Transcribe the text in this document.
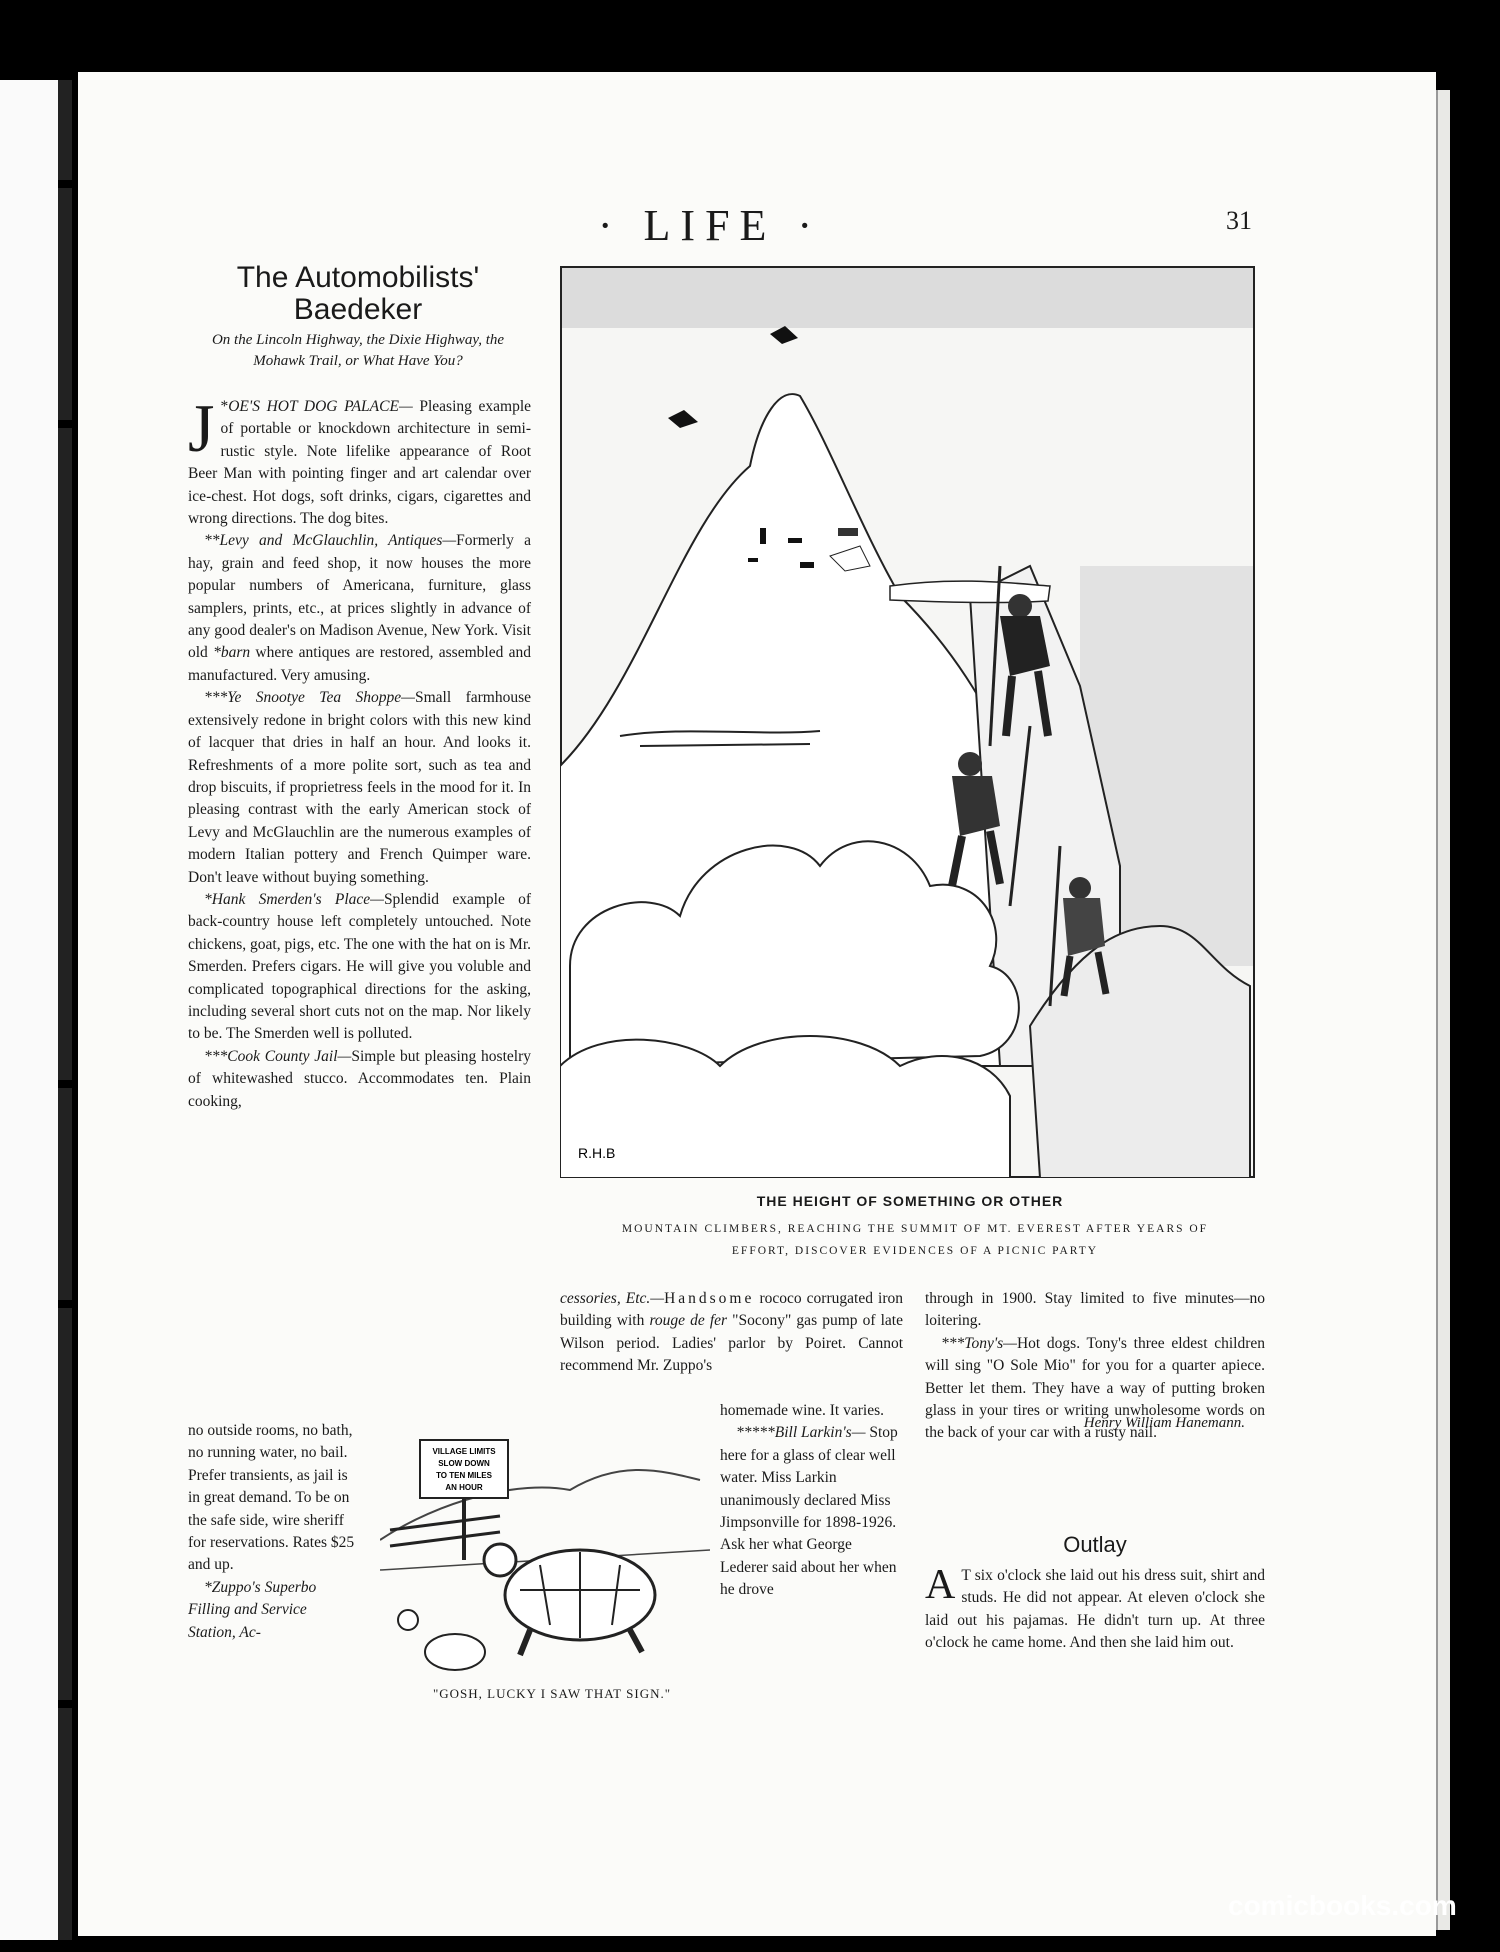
· LIFE ·	31
The Automobilists'
Baedeker
On the Lincoln Highway, the Dixie Highway, the Mohawk Trail, or What Have You?

*
J OE'S HOT DOG PALACE— Pleasing example of portable or knockdown architecture in semi-rustic style. Note lifelike appearance of Root Beer Man with pointing finger and art calendar over ice-chest. Hot dogs, soft drinks, cigars, cigarettes and wrong directions. The dog bites.

**Levy and McGlauchlin, Antiques—Formerly a hay, grain and feed shop, it now houses the more popular numbers of Americana, furniture, glass samplers, prints, etc., at prices slightly in advance of any good dealer's on Madison Avenue, New York. Visit old *barn where antiques are restored, assembled and manufactured. Very amusing.

***Ye Snootye Tea Shoppe—Small farmhouse extensively redone in bright colors with this new kind of lacquer that dries in half an hour. And looks it. Refreshments of a more polite sort, such as tea and drop biscuits, if proprietress feels in the mood for it. In pleasing contrast with the early American stock of Levy and McGlauchlin are the numerous examples of modern Italian pottery and French Quimper ware. Don't leave without buying something.

*Hank Smerden's Place—Splendid example of back-country house left completely untouched. Note chickens, goat, pigs, etc. The one with the hat on is Mr. Smerden. Prefers cigars. He will give you voluble and complicated topographical directions for the asking, including several short cuts not on the map. Nor likely to be. The Smerden well is polluted.

***Cook County Jail—Simple but pleasing hostelry of whitewashed stucco. Accommodates ten. Plain cooking,

no outside rooms, no bath, no running water, no bail. Prefer transients, as jail is in great demand. To be on the safe side, wire sheriff for reservations. Rates $25 and up.

*Zuppo's Superbo Filling and Service Station, Ac-

cessories, Etc.—Handsome rococo corrugated iron building with rouge de fer "Socony" gas pump of late Wilson period. Ladies' parlor by Poiret. Cannot recommend Mr. Zuppo's

homemade wine. It varies.

*****Bill Larkin's— Stop here for a glass of clear well water. Miss Larkin unanimously declared Miss Jimpsonville for 1898-1926. Ask her what George Lederer said about her when he drove

through in 1900. Stay limited to five minutes—no loitering.

***Tony's—Hot dogs. Tony's three eldest children will sing "O Sole Mio" for you for a quarter apiece. Better let them. They have a way of putting broken glass in your tires or writing unwholesome words on the back of your car with a rusty nail.

Henry William Hanemann.
Outlay

A T six o'clock she laid out his dress suit, shirt and studs. He did not appear. At eleven o'clock she laid out his pajamas. He didn't turn up. At three o'clock he came home. And then she laid him out.

R.H.B
THE HEIGHT OF SOMETHING OR OTHER
MOUNTAIN CLIMBERS, REACHING THE SUMMIT OF MT. EVEREST AFTER YEARS OF
EFFORT, DISCOVER EVIDENCES OF A PICNIC PARTY
VILLAGE LIMITS
SLOW DOWN
TO TEN MILES
AN HOUR
"GOSH, LUCKY I SAW THAT SIGN."
comicbooks.com
